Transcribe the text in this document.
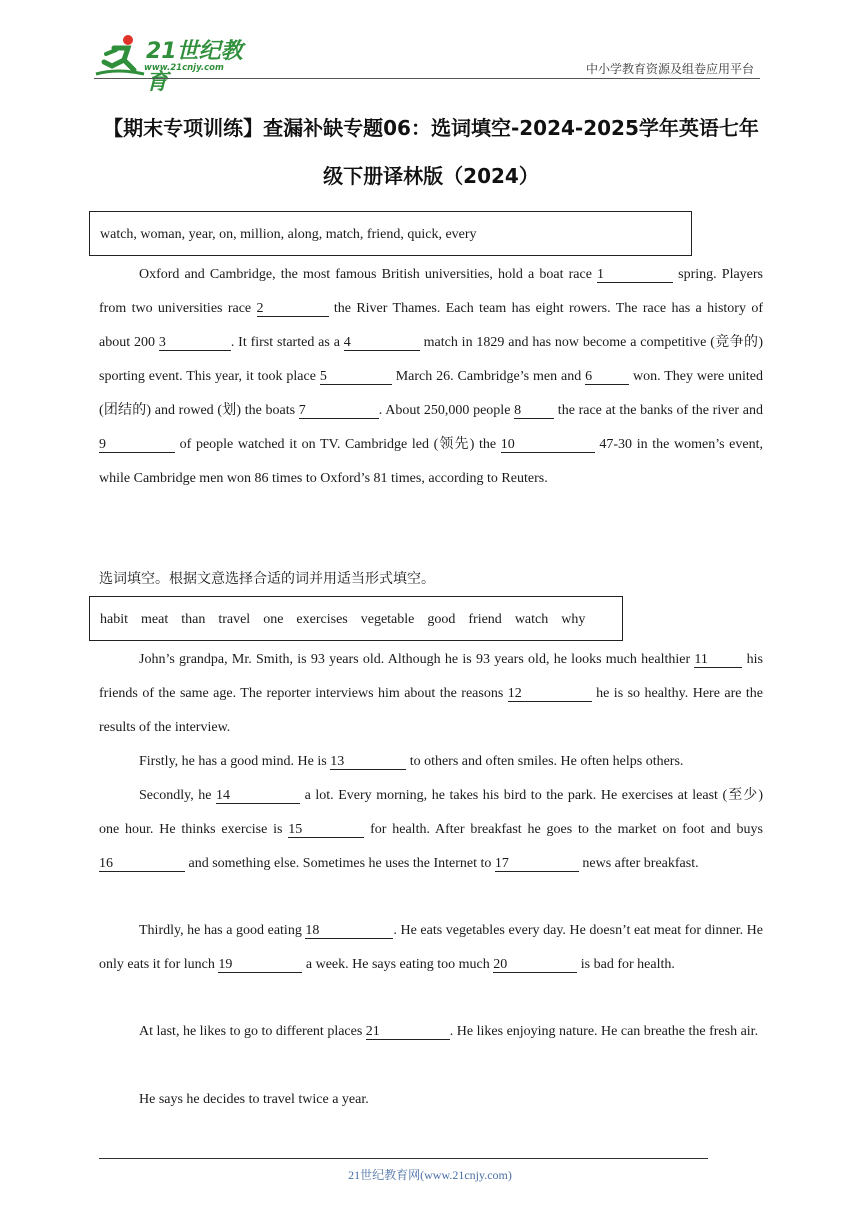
21世纪教育
www.21cnjy.com	中小学教育资源及组卷应用平台
【期末专项训练】查漏补缺专题06：选词填空-2024-2025学年英语七年级下册译林版（2024）
watch, woman, year, on, million, along, match, friend, quick, every

Oxford and Cambridge, the most famous British universities, hold a boat race 1	spring. Players from two universities race 2	the River Thames. Each team has eight rowers. The race has a history of about 200 3	. It first started as a 4	match in 1829 and has now become a competitive (竞争的) sporting event. This year, it took place 5	March 26. Cambridge’s men and 6	won. They were united (团结的) and rowed (划) the boats 7	. About 250,000 people 8 the race at the banks of the river and 9	of people watched it on TV. Cambridge led (领先) the 10	47-30 in the women’s event, while Cambridge men won 86 times to Oxford’s 81 times, according to Reuters.

选词填空。根据文意选择合适的词并用适当形式填空。
habit meat than travel one exercises vegetable good friend watch why

John’s grandpa, Mr. Smith, is 93 years old. Although he is 93 years old, he looks much healthier 11 his friends of the same age. The reporter interviews him about the reasons 12	he is so healthy. Here are the results of the interview.

Firstly, he has a good mind. He is 13	to others and often smiles. He often helps others.

Secondly, he 14	a lot. Every morning, he takes his bird to the park. He exercises at least (至少) one hour. He thinks exercise is 15	for health. After breakfast he goes to the market on foot and buys 16	and something else. Sometimes he uses the Internet to 17	news after breakfast.

Thirdly, he has a good eating 18	. He eats vegetables every day. He doesn’t eat meat for dinner. He only eats it for lunch 19	a week. He says eating too much 20	is bad for health.

At last, he likes to go to different places 21	. He likes enjoying nature. He can breathe the fresh air.

He says he decides to travel twice a year.

21世纪教育网(www.21cnjy.com)
